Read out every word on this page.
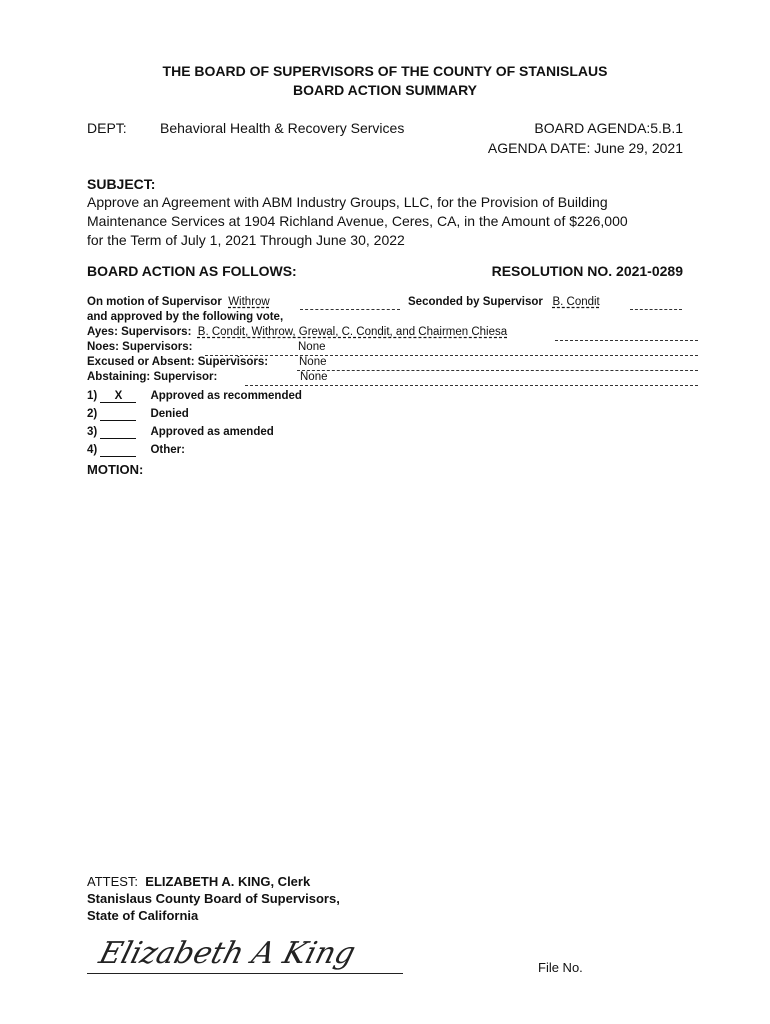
THE BOARD OF SUPERVISORS OF THE COUNTY OF STANISLAUS
BOARD ACTION SUMMARY
DEPT: Behavioral Health & Recovery Services	BOARD AGENDA:5.B.1
AGENDA DATE: June 29, 2021
SUBJECT:
Approve an Agreement with ABM Industry Groups, LLC, for the Provision of Building
Maintenance Services at 1904 Richland Avenue, Ceres, CA, in the Amount of $226,000
for the Term of July 1, 2021 Through June 30, 2022
BOARD ACTION AS FOLLOWS:	RESOLUTION NO. 2021-0289
On motion of Supervisor Withrow	Seconded by Supervisor B. Condit
and approved by the following vote,
Ayes: Supervisors: B. Condit, Withrow, Grewal, C. Condit, and Chairmen Chiesa
Noes: Supervisors:	None
Excused or Absent: Supervisors:	None
Abstaining: Supervisor:	None
1) X Approved as recommended
2)	Denied
3)	Approved as amended
4)	Other:
MOTION:
ATTEST: ELIZABETH A. KING, Clerk
Stanislaus County Board of Supervisors,
State of California
Elizabeth A King	File No.
